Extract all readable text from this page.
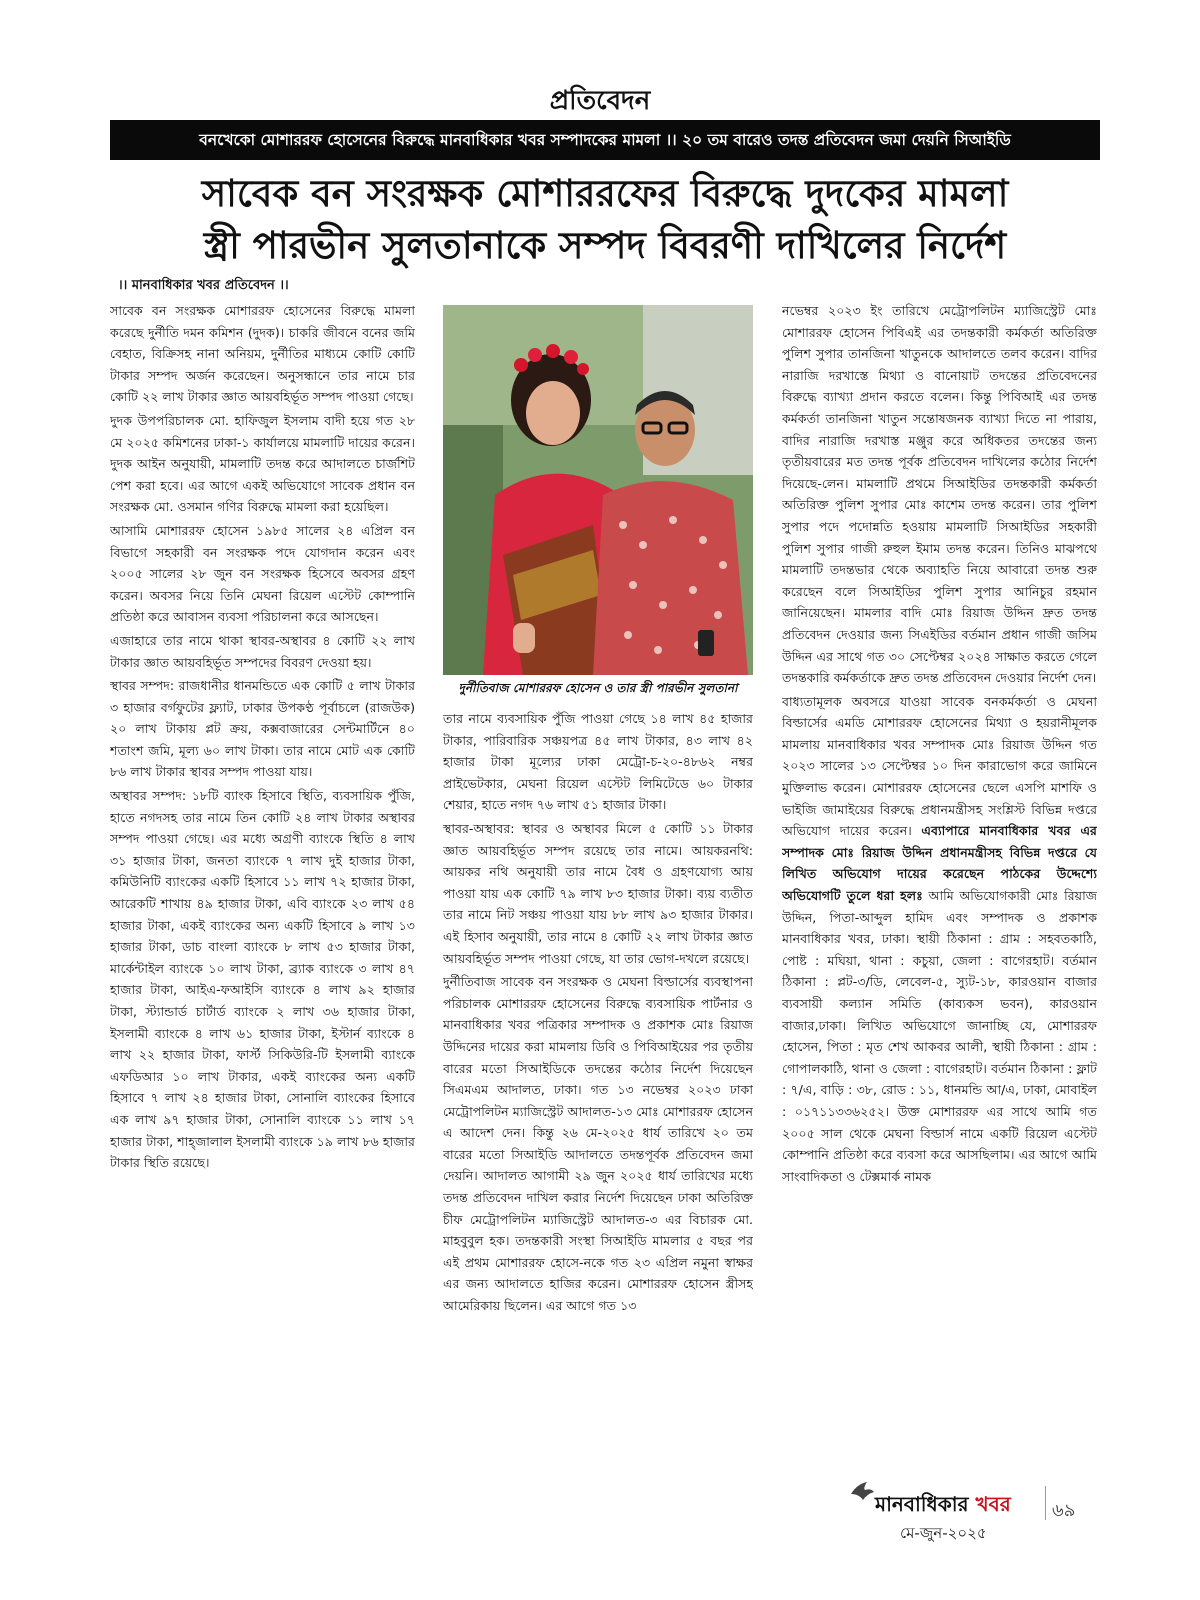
প্রতিবেদন
বনখেকো মোশাররফ হোসেনের বিরুদ্ধে মানবাধিকার খবর সম্পাদকের মামলা ।। ২০ তম বারেও তদন্ত প্রতিবেদন জমা দেয়নি সিআইডি
সাবেক বন সংরক্ষক মোশাররফের বিরুদ্ধে দুদকের মামলা
স্ত্রী পারভীন সুলতানাকে সম্পদ বিবরণী দাখিলের নির্দেশ
।। মানবাধিকার খবর প্রতিবেদন ।।

সাবেক বন সংরক্ষক মোশাররফ হোসেনের বিরুদ্ধে মামলা করেছে দুর্নীতি দমন কমিশন (দুদক)। চাকরি জীবনে বনের জমি বেহাত, বিক্রিসহ নানা অনিয়ম, দুর্নীতির মাধ্যমে কোটি কোটি টাকার সম্পদ অর্জন করেছেন। অনুসন্ধানে তার নামে চার কোটি ২২ লাখ টাকার জ্ঞাত আয়বহির্ভূত সম্পদ পাওয়া গেছে।

দুদক উপপরিচালক মো. হাফিজুল ইসলাম বাদী হয়ে গত ২৮ মে ২০২৫ কমিশনের ঢাকা-১ কার্যালয়ে মামলাটি দায়ের করেন। দুদক আইন অনুযায়ী, মামলাটি তদন্ত করে আদালতে চার্জশিট পেশ করা হবে। এর আগে একই অভিযোগে সাবেক প্রধান বন সংরক্ষক মো. ওসমান গণির বিরুদ্ধে মামলা করা হয়েছিল।

আসামি মোশাররফ হোসেন ১৯৮৫ সালের ২৪ এপ্রিল বন বিভাগে সহকারী বন সংরক্ষক পদে যোগদান করেন এবং ২০০৫ সালের ২৮ জুন বন সংরক্ষক হিসেবে অবসর গ্রহণ করেন। অবসর নিয়ে তিনি মেঘনা রিয়েল এস্টেট কোম্পানি প্রতিষ্ঠা করে আবাসন ব্যবসা পরিচালনা করে আসছেন।

এজাহারে তার নামে থাকা স্থাবর-অস্থাবর ৪ কোটি ২২ লাখ টাকার জ্ঞাত আয়বহির্ভূত সম্পদের বিবরণ দেওয়া হয়।

স্থাবর সম্পদ: রাজধানীর ধানমন্ডিতে এক কোটি ৫ লাখ টাকার ৩ হাজার বর্গফুটের ফ্ল্যাট, ঢাকার উপকণ্ঠ পূর্বাচলে (রাজউক) ২০ লাখ টাকায় প্লট ক্রয়, কক্সবাজারের সেন্টমার্টিনে ৪০ শতাংশ জমি, মূল্য ৬০ লাখ টাকা। তার নামে মোট এক কোটি ৮৬ লাখ টাকার স্থাবর সম্পদ পাওয়া যায়।

অস্থাবর সম্পদ: ১৮টি ব্যাংক হিসাবে স্থিতি, ব্যবসায়িক পুঁজি, হাতে নগদসহ তার নামে তিন কোটি ২৪ লাখ টাকার অস্থাবর সম্পদ পাওয়া গেছে। এর মধ্যে অগ্রণী ব্যাংকে স্থিতি ৪ লাখ ৩১ হাজার টাকা, জনতা ব্যাংকে ৭ লাখ দুই হাজার টাকা, কমিউনিটি ব্যাংকের একটি হিসাবে ১১ লাখ ৭২ হাজার টাকা, আরেকটি শাখায় ৪৯ হাজার টাকা, এবি ব্যাংকে ২৩ লাখ ৫৪ হাজার টাকা, একই ব্যাংকের অন্য একটি হিসাবে ৯ লাখ ১৩ হাজার টাকা, ডাচ বাংলা ব্যাংকে ৮ লাখ ৫৩ হাজার টাকা, মার্কেন্টাইল ব্যাংকে ১০ লাখ টাকা, ব্র্যাক ব্যাংকে ৩ লাখ ৪৭ হাজার টাকা, আইএ-ফআইসি ব্যাংকে ৪ লাখ ৯২ হাজার টাকা, স্ট্যান্ডার্ড চার্টার্ড ব্যাংকে ২ লাখ ৩৬ হাজার টাকা, ইসলামী ব্যাংকে ৪ লাখ ৬১ হাজার টাকা, ইস্টার্ন ব্যাংকে ৪ লাখ ২২ হাজার টাকা, ফার্স্ট সিকিউরি-টি ইসলামী ব্যাংকে এফডিআর ১০ লাখ টাকার, একই ব্যাংকের অন্য একটি হিসাবে ৭ লাখ ২৪ হাজার টাকা, সোনালি ব্যাংকের হিসাবে এক লাখ ৯৭ হাজার টাকা, সোনালি ব্যাংকে ১১ লাখ ১৭ হাজার টাকা, শাহ্জালাল ইসলামী ব্যাংকে ১৯ লাখ ৮৬ হাজার টাকার স্থিতি রয়েছে।

দুর্নীতিবাজ মোশাররফ হোসেন ও তার স্ত্রী পারভীন সুলতানা

তার নামে ব্যবসায়িক পুঁজি পাওয়া গেছে ১৪ লাখ ৪৫ হাজার টাকার, পারিবারিক সঞ্চয়পত্র ৪৫ লাখ টাকার, ৪৩ লাখ ৪২ হাজার টাকা মূল্যের ঢাকা মেট্রো-চ-২০-৪৮৬২ নম্বর প্রাইভেটকার, মেঘনা রিয়েল এস্টেট লিমিটেডে ৬০ টাকার শেয়ার, হাতে নগদ ৭৬ লাখ ৫১ হাজার টাকা।

স্থাবর-অস্থাবর: স্থাবর ও অস্থাবর মিলে ৫ কোটি ১১ টাকার জ্ঞাত আয়বহির্ভূত সম্পদ রয়েছে তার নামে। আয়করনথি: আয়কর নথি অনুযায়ী তার নামে বৈধ ও গ্রহণযোগ্য আয় পাওয়া যায় এক কোটি ৭৯ লাখ ৮৩ হাজার টাকা। ব্যয় ব্যতীত তার নামে নিট সঞ্চয় পাওয়া যায় ৮৮ লাখ ৯৩ হাজার টাকার। এই হিসাব অনুযায়ী, তার নামে ৪ কোটি ২২ লাখ টাকার জ্ঞাত আয়বহির্ভূত সম্পদ পাওয়া গেছে, যা তার ভোগ-দখলে রয়েছে।

দুর্নীতিবাজ সাবেক বন সংরক্ষক ও মেঘনা বিল্ডার্সের ব্যবস্থাপনা পরিচালক মোশাররফ হোসেনের বিরুদ্ধে ব্যবসায়িক পার্টনার ও মানবাধিকার খবর পত্রিকার সম্পাদক ও প্রকাশক মোঃ রিয়াজ উদ্দিনের দায়ের করা মামলায় ডিবি ও পিবিআইয়ের পর তৃতীয় বারের মতো সিআইডিকে তদন্তের কঠোর নির্দেশ দিয়েছেন সিএমএম আদালত, ঢাকা। গত ১৩ নভেম্বর ২০২৩ ঢাকা মেট্রোপলিটন ম্যাজিস্ট্রেট আদালত-১৩ মোঃ মোশাররফ হোসেন এ আদেশ দেন। কিন্তু ২৬ মে-২০২৫ ধার্য তারিখে ২০ তম বারের মতো সিআইডি আদালতে তদন্তপূর্বক প্রতিবেদন জমা দেয়নি। আদালত আগামী ২৯ জুন ২০২৫ ধার্য তারিখের মধ্যে তদন্ত প্রতিবেদন দাখিল করার নির্দেশ দিয়েছেন ঢাকা অতিরিক্ত চীফ মেট্রোপলিটন ম্যাজিস্ট্রেট আদালত-৩ এর বিচারক মো. মাহবুবুল হক। তদন্তকারী সংস্থা সিআইডি মামলার ৫ বছর পর এই প্রথম মোশাররফ হোসে-নকে গত ২৩ এপ্রিল নমুনা স্বাক্ষর এর জন্য আদালতে হাজির করেন। মোশাররফ হোসেন স্ত্রীসহ আমেরিকায় ছিলেন। এর আগে গত ১৩

নভেম্বর ২০২৩ ইং তারিখে মেট্রোপলিটন ম্যাজিস্ট্রেট মোঃ মোশাররফ হোসেন পিবিএই এর তদন্তকারী কর্মকর্তা অতিরিক্ত পুলিশ সুপার তানজিনা খাতুনকে আদালতে তলব করেন। বাদির নারাজি দরখাস্তে মিথ্যা ও বানোয়াট তদন্তের প্রতিবেদনের বিরুদ্ধে ব্যাখ্যা প্রদান করতে বলেন। কিন্তু পিবিআই এর তদন্ত কর্মকর্তা তানজিনা খাতুন সন্তোষজনক ব্যাখ্যা দিতে না পারায়, বাদির নারাজি দরখাস্ত মঞ্জুর করে অধিকতর তদন্তের জন্য তৃতীয়বারের মত তদন্ত পূর্বক প্রতিবেদন দাখিলের কঠোর নির্দেশ দিয়েছে-লেন। মামলাটি প্রথমে সিআইডির তদন্তকারী কর্মকর্তা অতিরিক্ত পুলিশ সুপার মোঃ কাশেম তদন্ত করেন। তার পুলিশ সুপার পদে পদোন্নতি হওয়ায় মামলাটি সিআইডির সহকারী পুলিশ সুপার গাজী রুহুল ইমাম তদন্ত করেন। তিনিও মাঝপথে মামলাটি তদন্তভার থেকে অব্যাহতি নিয়ে আবারো তদন্ত শুরু করেছেন বলে সিআইডির পুলিশ সুপার আনিচুর রহমান জানিয়েছেন। মামলার বাদি মোঃ রিয়াজ উদ্দিন দ্রুত তদন্ত প্রতিবেদন দেওয়ার জন্য সিএইডির বর্তমান প্রধান গাজী জসিম উদ্দিন এর সাথে গত ৩০ সেপ্টেম্বর ২০২৪ সাক্ষাত করতে গেলে তদন্তকারি কর্মকর্তাকে দ্রুত তদন্ত প্রতিবেদন দেওয়ার নির্দেশ দেন।

বাধ্যতামূলক অবসরে যাওয়া সাবেক বনকর্মকর্তা ও মেঘনা বিল্ডার্সের এমডি মোশাররফ হোসেনের মিথ্যা ও হয়রানীমূলক মামলায় মানবাধিকার খবর সম্পাদক মোঃ রিয়াজ উদ্দিন গত ২০২৩ সালের ১৩ সেপ্টেম্বর ১০ দিন কারাভোগ করে জামিনে মুক্তিলাভ করেন। মোশাররফ হোসেনের ছেলে এসপি মাশফি ও ভাইজি জামাইয়ের বিরুদ্ধে প্রধানমন্ত্রীসহ সংশ্লিস্ট বিভিন্ন দপ্তরে অভিযোগ দায়ের করেন। এব্যাপারে মানবাধিকার খবর এর সম্পাদক মোঃ রিয়াজ উদ্দিন প্রধানমন্ত্রীসহ বিভিন্ন দপ্তরে যে লিখিত অভিযোগ দায়ের করেছেন পাঠকের উদ্দেশ্যে অভিযোগটি তুলে ধরা হলঃ আমি অভিযোগকারী মোঃ রিয়াজ উদ্দিন, পিতা-আব্দুল হামিদ এবং সম্পাদক ও প্রকাশক মানবাধিকার খবর, ঢাকা। স্থায়ী ঠিকানা : গ্রাম : সহবতকাঠি, পোষ্ট : মঘিয়া, থানা : কচুয়া, জেলা : বাগেরহাট। বর্তমান ঠিকানা : প্লট-৩/ডি, লেবেল-৫, স্যুট-১৮, কারওয়ান বাজার ব্যবসায়ী কল্যান সমিতি (কাব্যকস ভবন), কারওয়ান বাজার,ঢাকা। লিখিত অভিযোগে জানাচ্ছি যে, মোশাররফ হোসেন, পিতা : মৃত শেখ আকবর আলী, স্থায়ী ঠিকানা : গ্রাম : গোপালকাঠি, থানা ও জেলা : বাগেরহাট। বর্তমান ঠিকানা : ফ্লাট : ৭/এ, বাড়ি : ৩৮, রোড : ১১, ধানমন্ডি আ/এ, ঢাকা, মোবাইল : ০১৭১১৩৩৬২৫২। উক্ত মোশাররফ এর সাথে আমি গত ২০০৫ সাল থেকে মেঘনা বিল্ডার্স নামে একটি রিয়েল এস্টেট কোম্পানি প্রতিষ্ঠা করে ব্যবসা করে আসছিলাম। এর আগে আমি সাংবাদিকতা ও টেক্সমার্ক নামক

মানবাধিকার খবর ৬৯
মে-জুন-২০২৫
